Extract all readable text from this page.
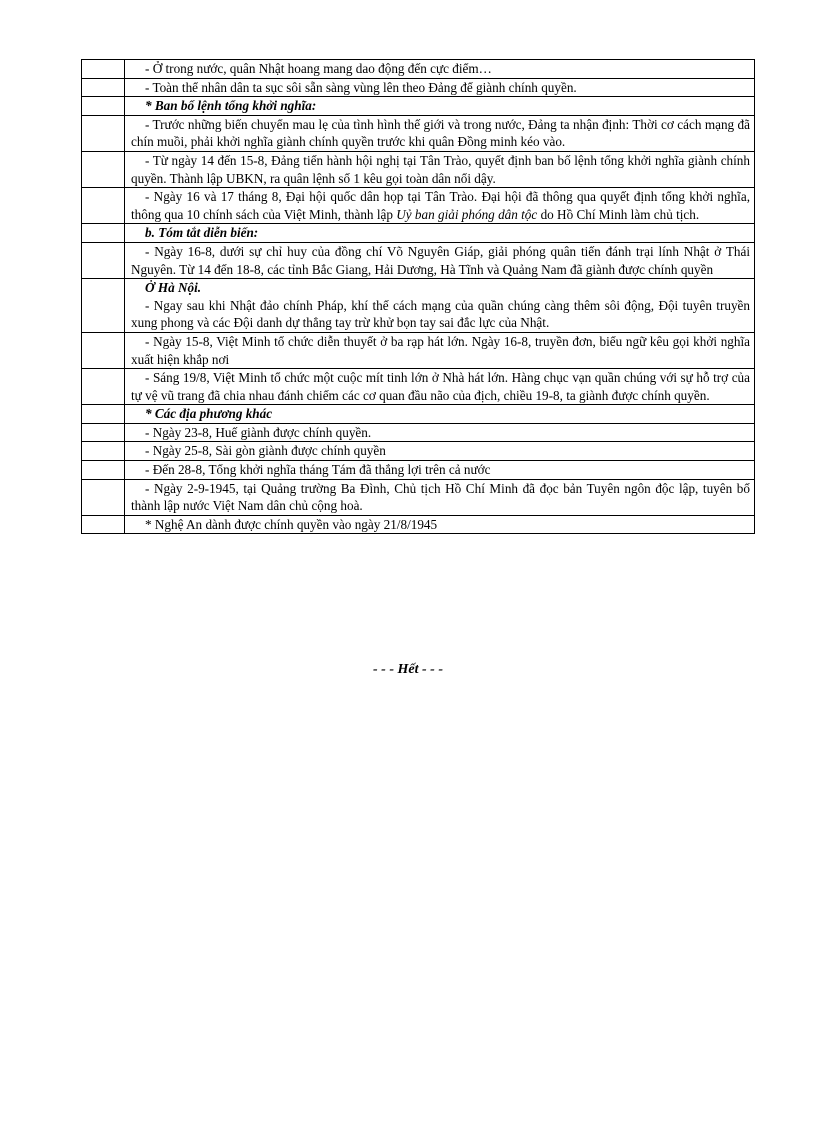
	- Ở trong nước, quân Nhật hoang mang dao động đến cực điểm…

	- Toàn thể nhân dân ta sục sôi sẵn sàng vùng lên theo Đảng để giành chính quyền.

	* Ban bố lệnh tổng khởi nghĩa:

	- Trước những biến chuyển mau lẹ của tình hình thế giới và trong nước, Đảng ta nhận định: Thời cơ cách mạng đã chín muồi, phải khởi nghĩa giành chính quyền trước khi quân Đồng minh kéo vào.

	- Từ ngày 14 đến 15-8, Đảng tiến hành hội nghị tại Tân Trào, quyết định ban bố lệnh tổng khởi nghĩa giành chính quyền. Thành lập UBKN, ra quân lệnh số 1 kêu gọi toàn dân nổi dậy.

	- Ngày 16 và 17 tháng 8, Đại hội quốc dân họp tại Tân Trào. Đại hội đã thông qua quyết định tổng khởi nghĩa, thông qua 10 chính sách của Việt Minh, thành lập Uỷ ban giải phóng dân tộc do Hồ Chí Minh làm chủ tịch.

	b. Tóm tắt diễn biến:

	- Ngày 16-8, dưới sự chỉ huy của đồng chí Võ Nguyên Giáp, giải phóng quân tiến đánh trại lính Nhật ở Thái Nguyên. Từ 14 đến 18-8, các tỉnh Bắc Giang, Hải Dương, Hà Tĩnh và Quảng Nam đã giành được chính quyền

	Ở Hà Nội.

- Ngay sau khi Nhật đảo chính Pháp, khí thế cách mạng của quần chúng càng thêm sôi động, Đội tuyên truyền xung phong và các Đội danh dự thẳng tay trừ khử bọn tay sai đắc lực của Nhật.

	- Ngày 15-8, Việt Minh tổ chức diễn thuyết ở ba rạp hát lớn. Ngày 16-8, truyền đơn, biểu ngữ kêu gọi khởi nghĩa xuất hiện khắp nơi

	- Sáng 19/8, Việt Minh tổ chức một cuộc mít tinh lớn ở Nhà hát lớn. Hàng chục vạn quần chúng với sự hỗ trợ của tự vệ vũ trang đã chia nhau đánh chiếm các cơ quan đầu não của địch, chiều 19-8, ta giành được chính quyền.

	* Các địa phương khác

	- Ngày 23-8, Huế giành được chính quyền.

	- Ngày 25-8, Sài gòn giành được chính quyền

	- Đến 28-8, Tổng khởi nghĩa tháng Tám đã thắng lợi trên cả nước

	- Ngày 2-9-1945, tại Quảng trường Ba Đình, Chủ tịch Hồ Chí Minh đã đọc bản Tuyên ngôn độc lập, tuyên bố thành lập nước Việt Nam dân chủ cộng hoà.

	* Nghệ An dành được chính quyền vào ngày 21/8/1945

- - - Hết - - -
